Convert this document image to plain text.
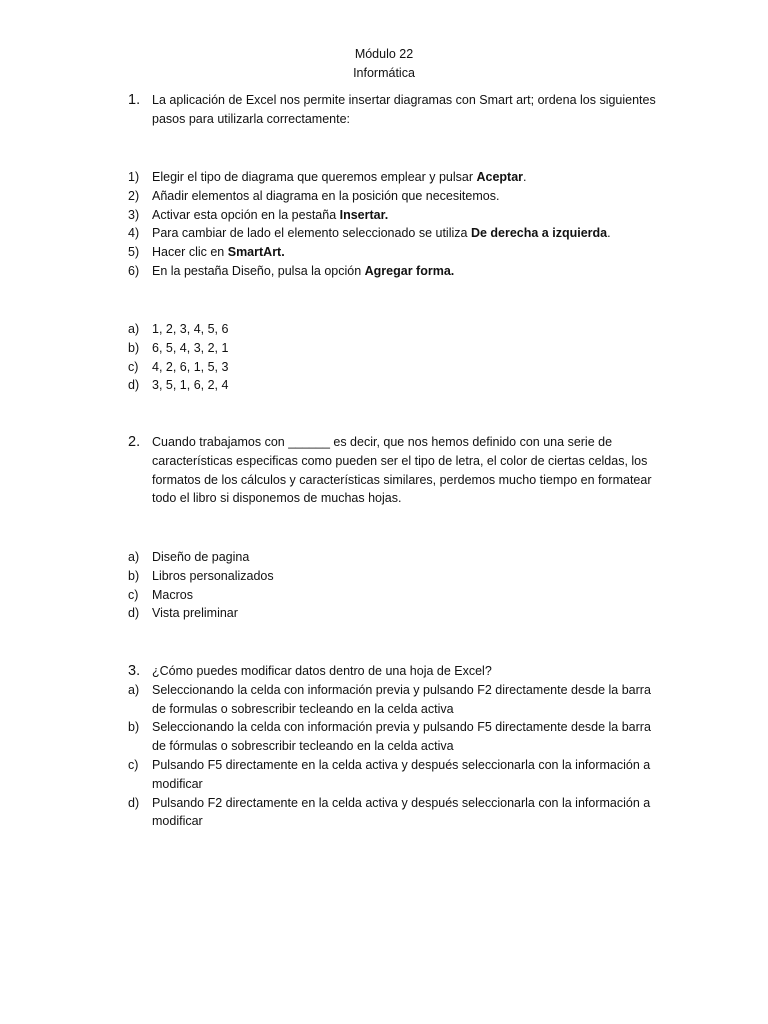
Módulo 22
Informática
1. La aplicación de Excel nos permite insertar diagramas con Smart art; ordena los siguientes pasos para utilizarla correctamente:
1) Elegir el tipo de diagrama que queremos emplear y pulsar Aceptar.
2) Añadir elementos al diagrama en la posición que necesitemos.
3) Activar esta opción en la pestaña Insertar.
4) Para cambiar de lado el elemento seleccionado se utiliza De derecha a izquierda.
5) Hacer clic en SmartArt.
6) En la pestaña Diseño, pulsa la opción Agregar forma.
a) 1, 2, 3, 4, 5, 6
b) 6, 5, 4, 3, 2, 1
c) 4, 2, 6, 1, 5, 3
d) 3, 5, 1, 6, 2, 4
2. Cuando trabajamos con ______ es decir, que nos hemos definido con una serie de características especificas como pueden ser el tipo de letra, el color de ciertas celdas, los formatos de los cálculos y características similares, perdemos mucho tiempo en formatear todo el libro si disponemos de muchas hojas.
a) Diseño de pagina
b) Libros personalizados
c) Macros
d) Vista preliminar
3. ¿Cómo puedes modificar datos dentro de una hoja de Excel?
a) Seleccionando la celda con información previa y pulsando F2 directamente desde la barra de formulas o sobrescribir tecleando en la celda activa
b) Seleccionando la celda con información previa y pulsando F5 directamente desde la barra de fórmulas o sobrescribir tecleando en la celda activa
c) Pulsando F5 directamente en la celda activa y después seleccionarla con la información a modificar
d) Pulsando F2 directamente en la celda activa y después seleccionarla con la información a modificar
